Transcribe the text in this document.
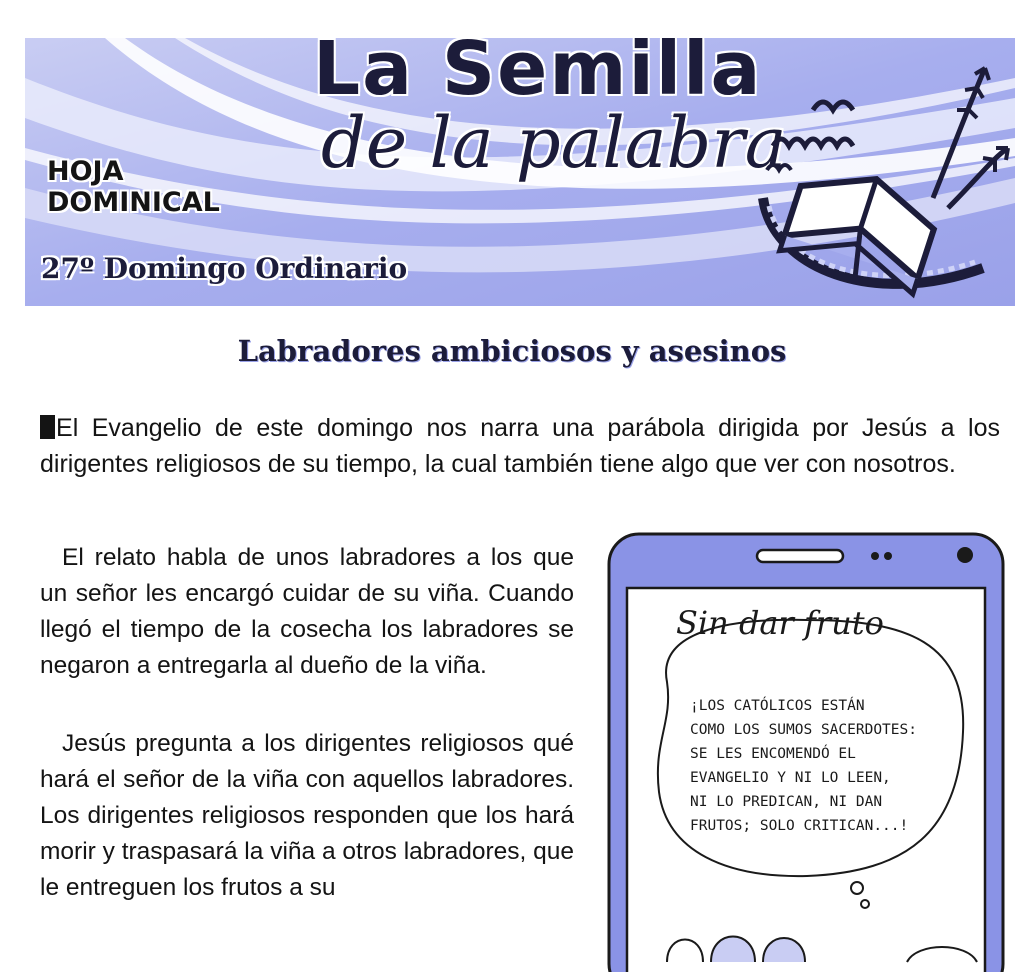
La Semilla
de la palabra
HOJA
DOMINICAL
27º Domingo Ordinario
Labradores ambiciosos y asesinos
El Evangelio de este domingo nos narra una parábola dirigida por Jesús a los dirigentes religiosos de su tiempo, la cual también tiene algo que ver con nosotros.

El relato habla de unos labradores a los que un señor les encargó cuidar de su viña. Cuando llegó el tiempo de la cosecha los labradores se negaron a entregarla al dueño de la viña.

Jesús pregunta a los dirigentes religiosos qué hará el señor de la viña con aquellos labradores. Los dirigentes religiosos responden que los hará morir y traspasará la viña a otros labradores, que le entreguen los frutos a su

Sin dar fruto
¡LOS CATÓLICOS ESTÁN
COMO LOS SUMOS SACERDOTES:
SE LES ENCOMENDÓ EL
EVANGELIO Y NI LO LEEN,
NI LO PREDICAN, NI DAN
FRUTOS; SOLO CRITICAN...!
